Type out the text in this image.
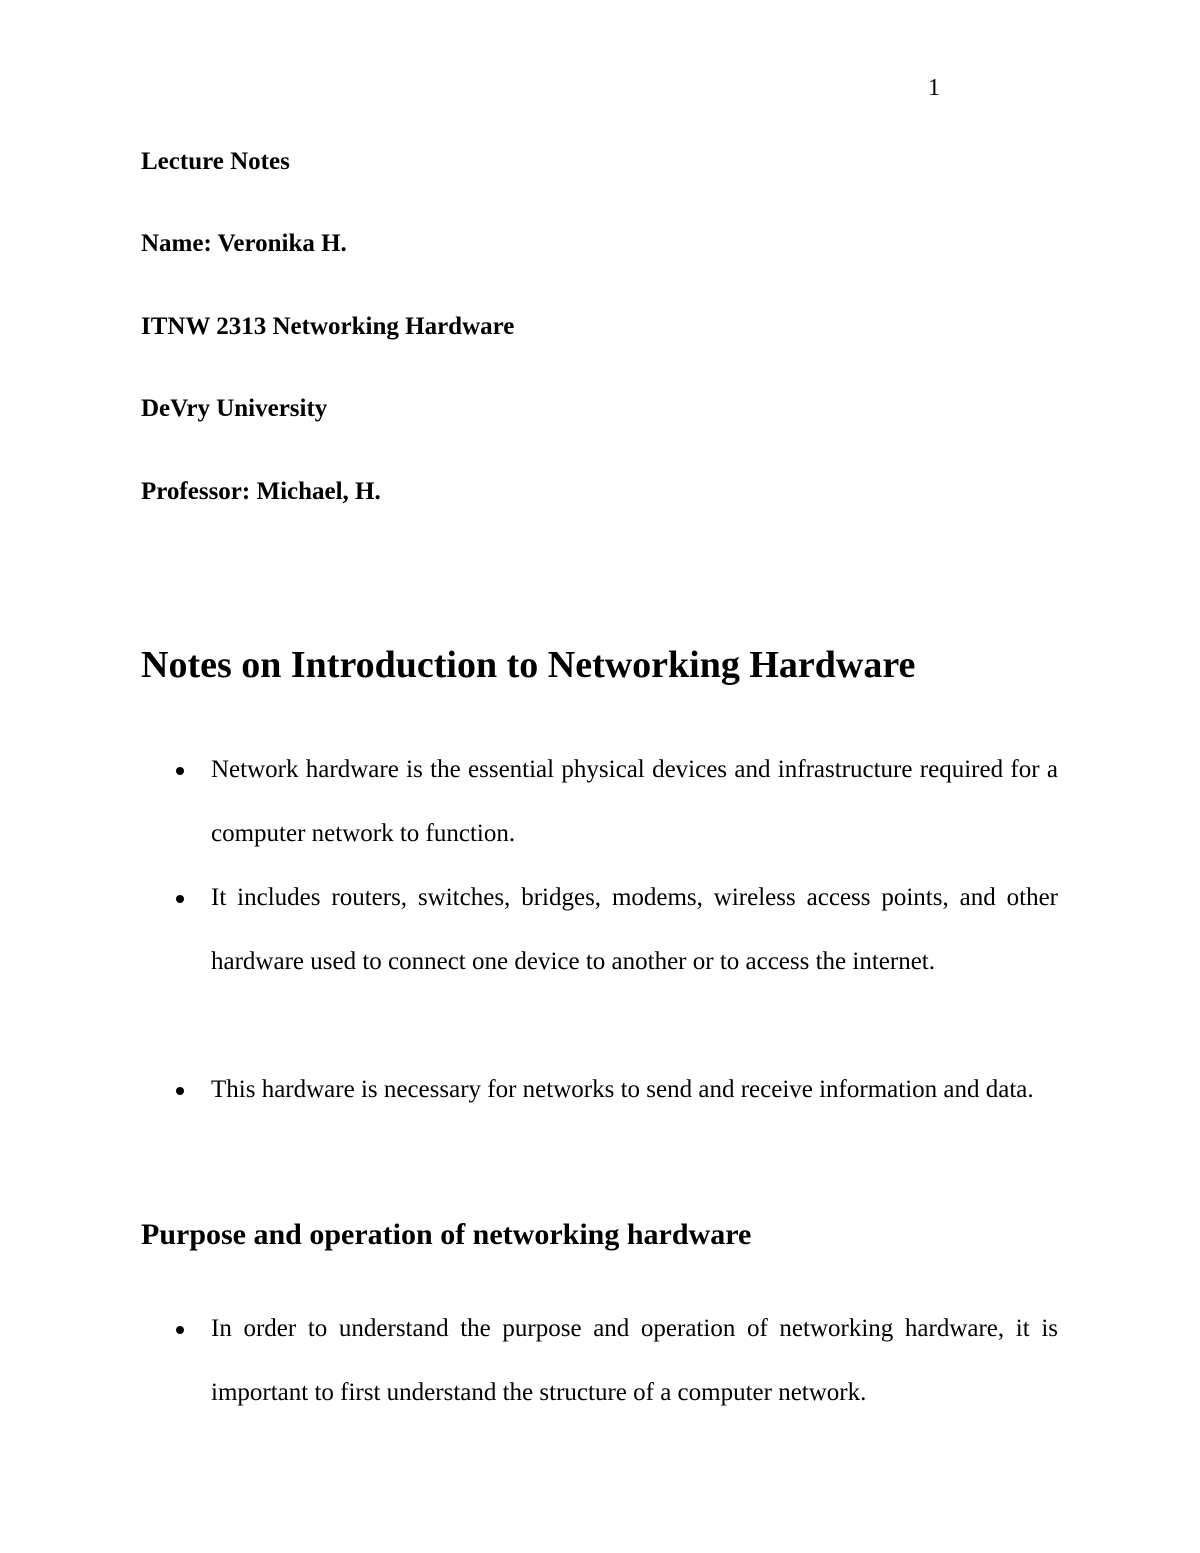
1
Lecture Notes
Name: Veronika H.
ITNW 2313 Networking Hardware
DeVry University
Professor: Michael, H.
Notes on Introduction to Networking Hardware
Network hardware is the essential physical devices and infrastructure required for a computer network to function.
It includes routers, switches, bridges, modems, wireless access points, and other hardware used to connect one device to another or to access the internet.
This hardware is necessary for networks to send and receive information and data.
Purpose and operation of networking hardware
In order to understand the purpose and operation of networking hardware, it is important to first understand the structure of a computer network.
